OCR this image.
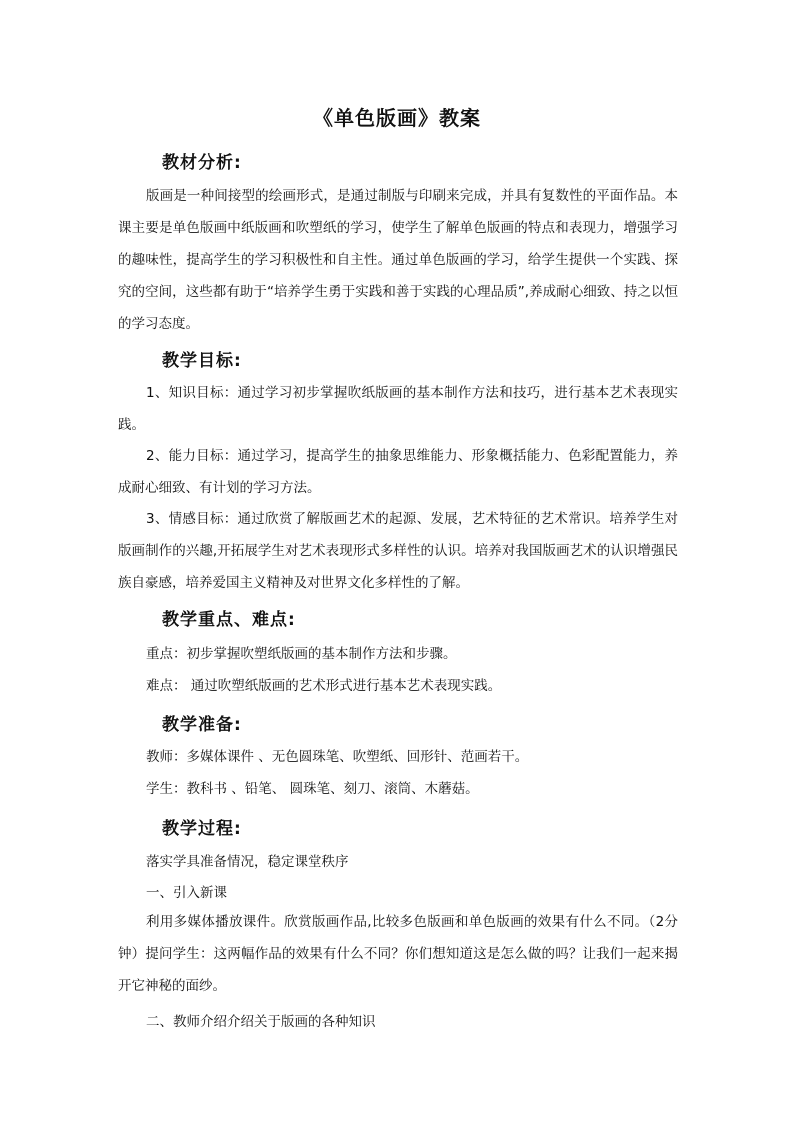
《单色版画》教案
教材分析:

版画是一种间接型的绘画形式，是通过制版与印刷来完成，并具有复数性的平面作品。本课主要是单色版画中纸版画和吹塑纸的学习，使学生了解单色版画的特点和表现力，增强学习的趣味性，提高学生的学习积极性和自主性。通过单色版画的学习，给学生提供一个实践、探究的空间，这些都有助于“培养学生勇于实践和善于实践的心理品质”,养成耐心细致、持之以恒的学习态度。

教学目标:

1、知识目标：通过学习初步掌握吹纸版画的基本制作方法和技巧，进行基本艺术表现实践。

2、能力目标：通过学习，提高学生的抽象思维能力、形象概括能力、色彩配置能力，养成耐心细致、有计划的学习方法。

3、情感目标：通过欣赏了解版画艺术的起源、发展，艺术特征的艺术常识。培养学生对版画制作的兴趣,开拓展学生对艺术表现形式多样性的认识。培养对我国版画艺术的认识增强民族自豪感，培养爱国主义精神及对世界文化多样性的了解。

教学重点、难点:
重点：初步掌握吹塑纸版画的基本制作方法和步骤。
难点： 通过吹塑纸版画的艺术形式进行基本艺术表现实践。
教学准备:
教师：多媒体课件 、无色圆珠笔、吹塑纸、回形针、范画若干。
学生：教科书 、铅笔、 圆珠笔、刻刀、滚筒、木蘑菇。
教学过程:
落实学具准备情况，稳定课堂秩序
一、引入新课

利用多媒体播放课件。欣赏版画作品,比较多色版画和单色版画的效果有什么不同。（2分钟）提问学生：这两幅作品的效果有什么不同？你们想知道这是怎么做的吗？让我们一起来揭开它神秘的面纱。

二、教师介绍介绍关于版画的各种知识
